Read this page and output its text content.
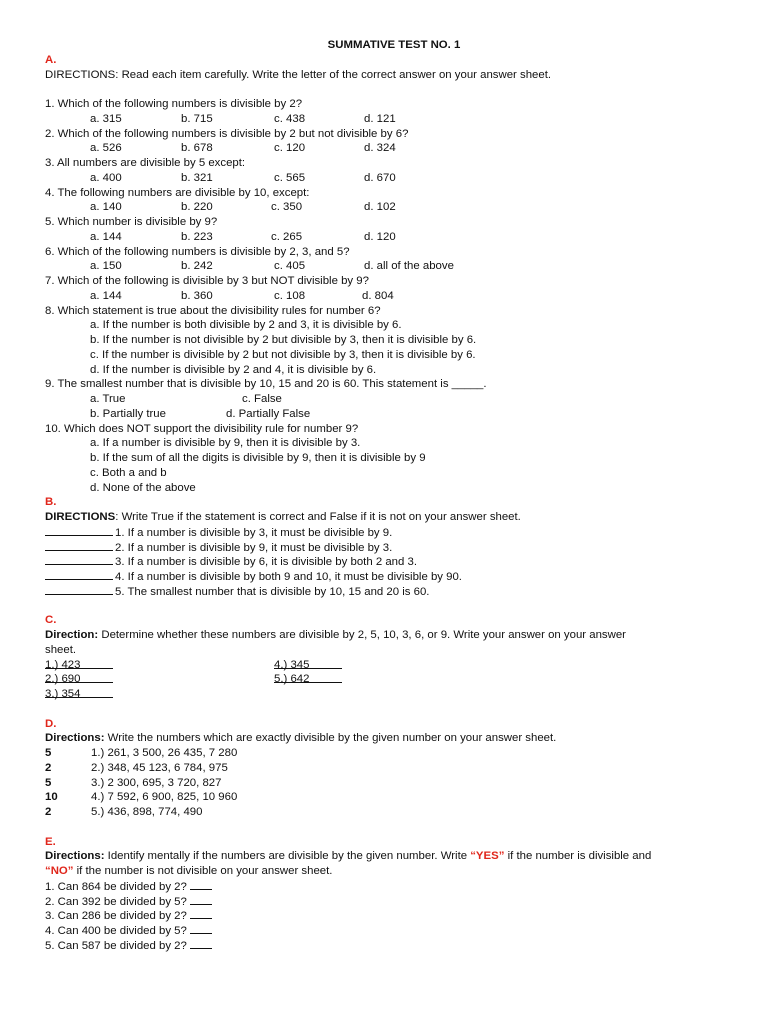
SUMMATIVE TEST NO. 1
A.
DIRECTIONS: Read each item carefully. Write the letter of the correct answer on your answer sheet.
1. Which of the following numbers is divisible by 2?
a. 315	b. 715	c. 438	d. 121
2. Which of the following numbers is divisible by 2 but not divisible by 6?
a. 526	b. 678	c. 120	d. 324
3. All numbers are divisible by 5 except:
a. 400	b. 321	c. 565	d. 670
4. The following numbers are divisible by 10, except:
a. 140	b. 220	c. 350	d. 102
5. Which number is divisible by 9?
a. 144	b. 223	c. 265	d. 120
6. Which of the following numbers is divisible by 2, 3, and 5?
a. 150	b. 242	c. 405	d. all of the above
7. Which of the following is divisible by 3 but NOT divisible by 9?
a. 144	b. 360	c. 108	d. 804
8. Which statement is true about the divisibility rules for number 6?
a. If the number is both divisible by 2 and 3, it is divisible by 6.
b. If the number is not divisible by 2 but divisible by 3, then it is divisible by 6.
c. If the number is divisible by 2 but not divisible by 3, then it is divisible by 6.
d. If the number is divisible by 2 and 4, it is divisible by 6.
9. The smallest number that is divisible by 10, 15 and 20 is 60. This statement is _____.
a. True	c. False
b. Partially true	d. Partially False
10. Which does NOT support the divisibility rule for number 9?
a. If a number is divisible by 9, then it is divisible by 3.
b. If the sum of all the digits is divisible by 9, then it is divisible by 9
c. Both a and b
d. None of the above
B.
DIRECTIONS: Write True if the statement is correct and False if it is not on your answer sheet.
1. If a number is divisible by 3, it must be divisible by 9.
2. If a number is divisible by 9, it must be divisible by 3.
3. If a number is divisible by 6, it is divisible by both 2 and 3.
4. If a number is divisible by both 9 and 10, it must be divisible by 90.
5. The smallest number that is divisible by 10, 15 and 20 is 60.
C.
Direction: Determine whether these numbers are divisible by 2, 5, 10, 3, 6, or 9. Write your answer on your answer
sheet.
1.) 423	4.) 345
2.) 690	5.) 642
3.) 354
D.
Directions: Write the numbers which are exactly divisible by the given number on your answer sheet.
5	1.) 261, 3 500, 26 435, 7 280
2	2.) 348, 45 123, 6 784, 975
5	3.) 2 300, 695, 3 720, 827
10	4.) 7 592, 6 900, 825, 10 960
2	5.) 436, 898, 774, 490
E.
Directions: Identify mentally if the numbers are divisible by the given number. Write “YES” if the number is divisible and
“NO” if the number is not divisible on your answer sheet.
1. Can 864 be divided by 2?
2. Can 392 be divided by 5?
3. Can 286 be divided by 2?
4. Can 400 be divided by 5?
5. Can 587 be divided by 2?
